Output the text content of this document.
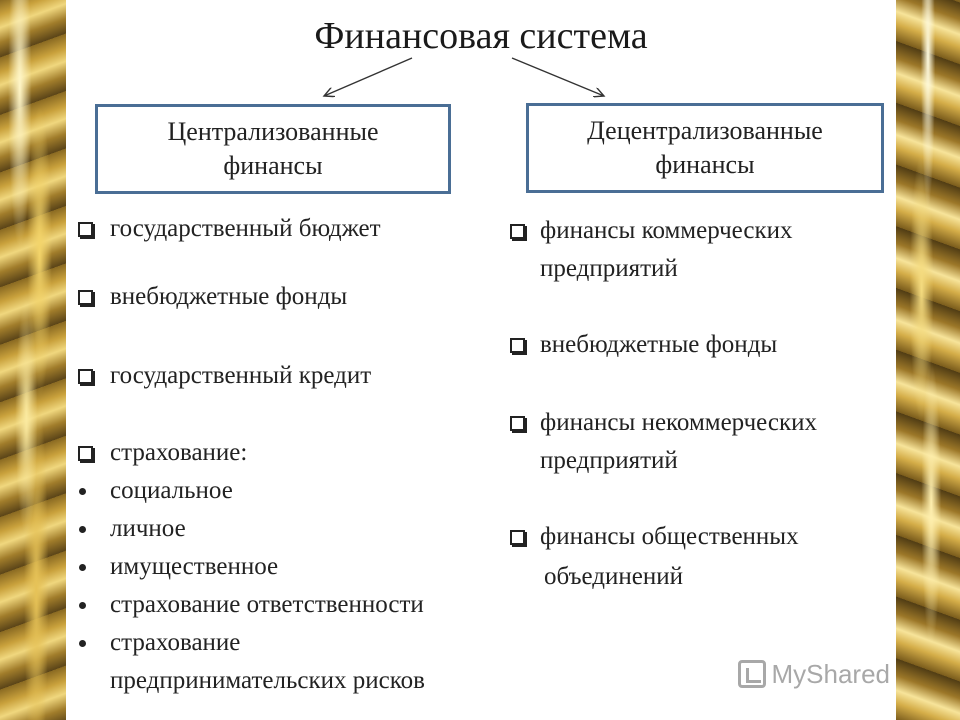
Финансовая система
Централизованные
финансы
Децентрализованные
финансы
государственный бюджет
внебюджетные фонды
государственный кредит
страхование:
социальное
личное
имущественное
страхование ответственности
страхование
предпринимательских рисков
финансы коммерческих
предприятий
внебюджетные фонды
финансы некоммерческих
предприятий
финансы общественных
объединений
MyShared
